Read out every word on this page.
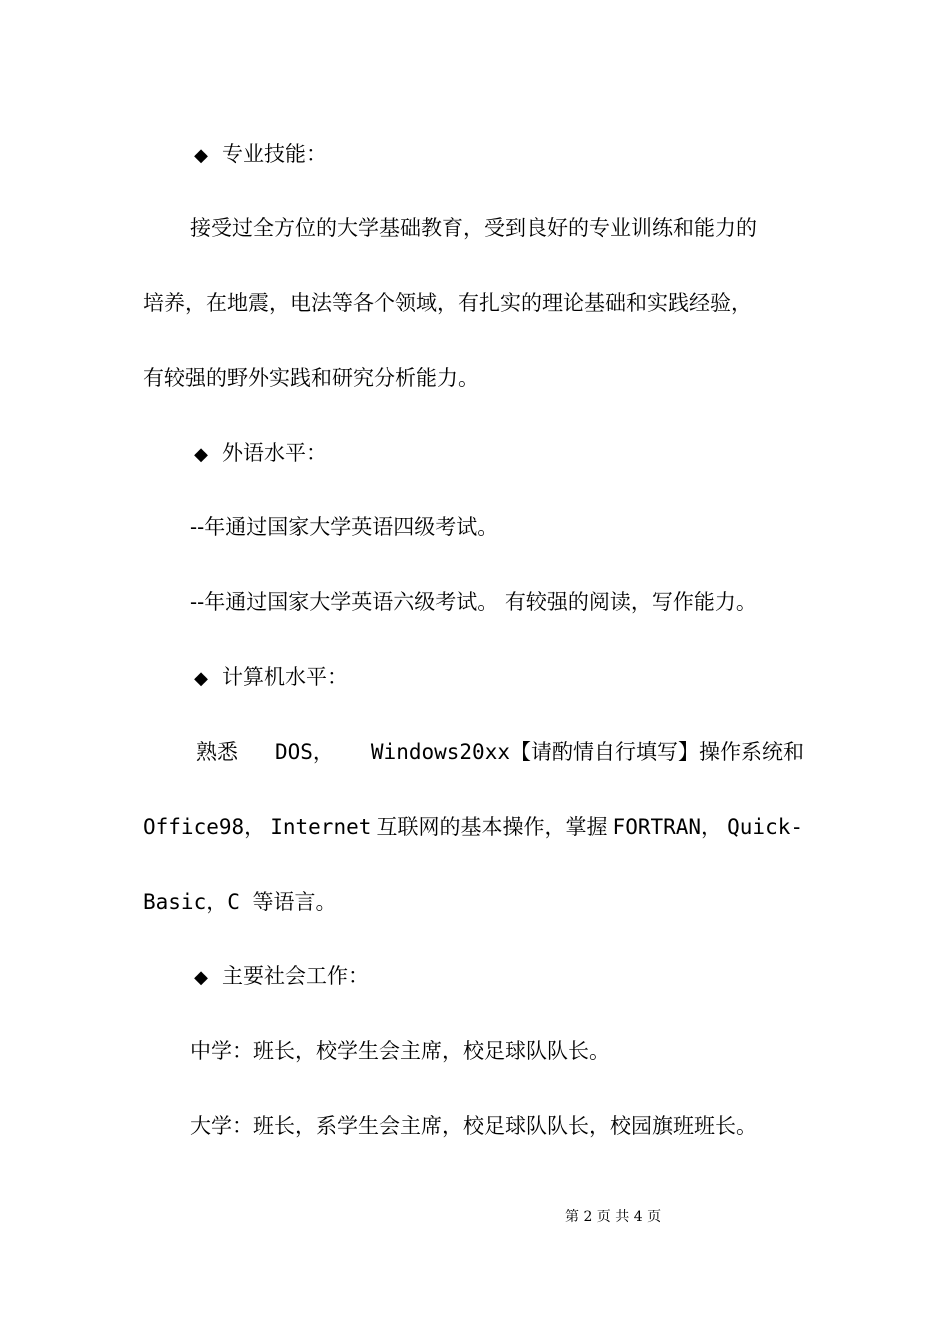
◆ 专业技能：
接受过全方位的大学基础教育，受到良好的专业训练和能力的
培养，在地震，电法等各个领域，有扎实的理论基础和实践经验，
有较强的野外实践和研究分析能力。
◆ 外语水平：
--年通过国家大学英语四级考试。
--年通过国家大学英语六级考试。 有较强的阅读，写作能力。
◆ 计算机水平：
熟悉 DOS， Windows20xx【请酌情自行填写】操作系统和
Office98， Internet 互联网的基本操作，掌握 FORTRAN， Quick-
Basic，C 等语言。
◆ 主要社会工作：
中学：班长，校学生会主席，校足球队队长。
大学：班长，系学生会主席，校足球队队长，校园旗班班长。
第 2 页 共 4 页
